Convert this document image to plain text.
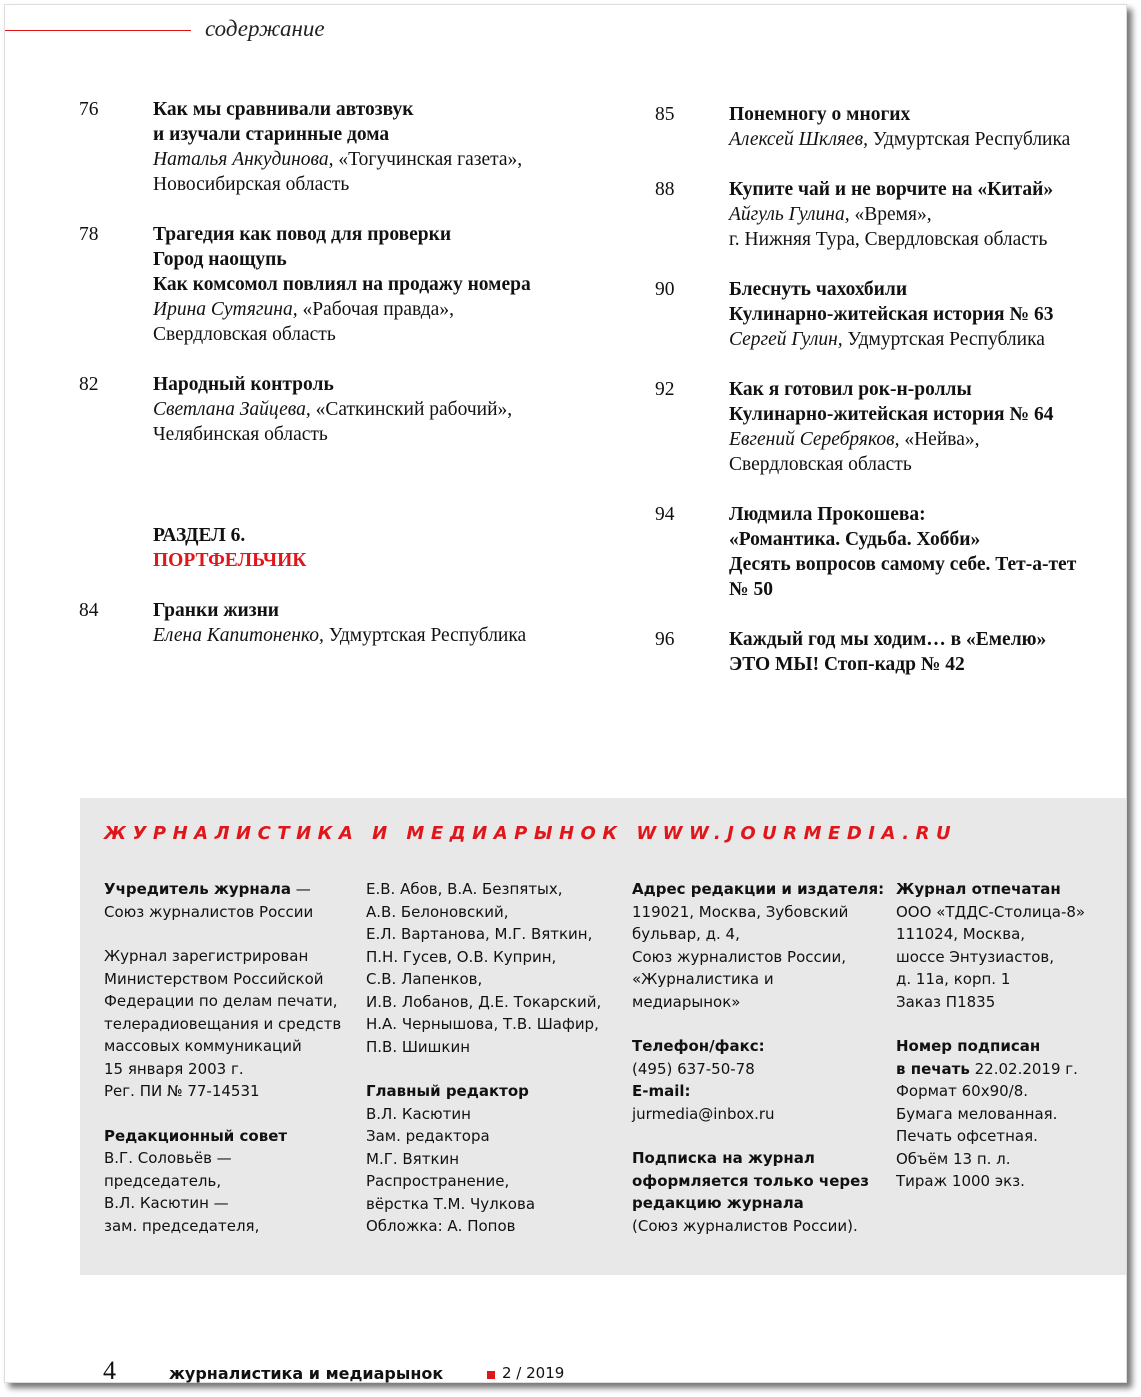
содержание
76	Как мы сравнивали автозвук
и изучали старинные дома
Наталья Анкудинова, «Тогучинская газета»,
Новосибирская область
78	Трагедия как повод для проверки
Город наощупь
Как комсомол повлиял на продажу номера
Ирина Сутягина, «Рабочая правда»,
Свердловская область
82	Народный контроль
Светлана Зайцева, «Саткинский рабочий»,
Челябинская область
РАЗДЕЛ 6.
ПОРТФЕЛЬЧИК
84	Гранки жизни
Елена Капитоненко, Удмуртская Республика
85	Понемногу о многих
Алексей Шкляев, Удмуртская Республика
88	Купите чай и не ворчите на «Китай»
Айгуль Гулина, «Время»,
г. Нижняя Тура, Свердловская область
90	Блеснуть чахохбили
Кулинарно-житейская история № 63
Сергей Гулин, Удмуртская Республика
92	Как я готовил рок-н-роллы
Кулинарно-житейская история № 64
Евгений Серебряков, «Нейва»,
Свердловская область
94	Людмила Прокошева:
«Романтика. Судьба. Хобби»
Десять вопросов самому себе. Тет-а-тет
№ 50
96	Каждый год мы ходим… в «Емелю»
ЭТО МЫ! Стоп-кадр № 42
ЖУРНАЛИСТИКА И МЕДИАРЫНОК WWW.JOURMEDIA.RU
Учредитель журнала —
Союз журналистов России
Журнал зарегистрирован
Министерством Российской
Федерации по делам печати,
телерадиовещания и средств
массовых коммуникаций
15 января 2003 г.
Рег. ПИ № 77-14531
Редакционный совет
В.Г. Соловьёв —
председатель,
В.Л. Касютин —
зам. председателя,
Е.В. Абов, В.А. Безпятых,
А.В. Белоновский,
Е.Л. Вартанова, М.Г. Вяткин,
П.Н. Гусев, О.В. Куприн,
С.В. Лапенков,
И.В. Лобанов, Д.Е. Токарский,
Н.А. Чернышова, Т.В. Шафир,
П.В. Шишкин
Главный редактор
В.Л. Касютин
Зам. редактора
М.Г. Вяткин
Распространение,
вёрстка Т.М. Чулкова
Обложка: А. Попов
Адрес редакции и издателя:
119021, Москва, Зубовский
бульвар, д. 4,
Союз журналистов России,
«Журналистика и
медиарынок»
Телефон/факс:
(495) 637-50-78
E-mail:
jurmedia@inbox.ru
Подписка на журнал
оформляется только через
редакцию журнала
(Союз журналистов России).
Журнал отпечатан
ООО «ТДДС-Столица-8»
111024, Москва,
шоссе Энтузиастов,
д. 11а, корп. 1
Заказ П1835
Номер подписан
в печать 22.02.2019 г.
Формат 60х90/8.
Бумага мелованная.
Печать офсетная.
Объём 13 п. л.
Тираж 1000 экз.
4	журналистика и медиарынок	2 / 2019
